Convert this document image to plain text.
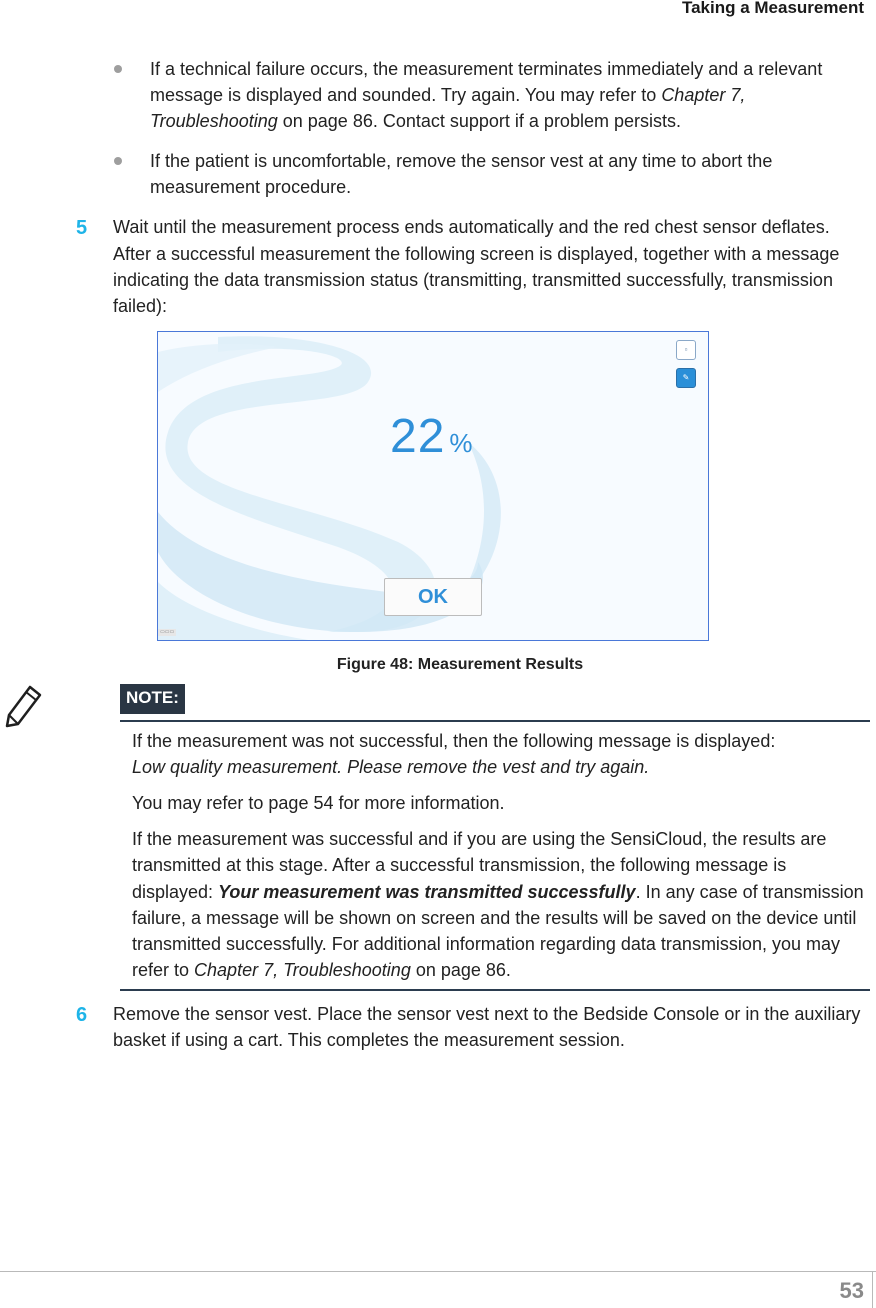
Taking a Measurement
If a technical failure occurs, the measurement terminates immediately and a relevant message is displayed and sounded. Try again. You may refer to Chapter 7, Troubleshooting on page 86. Contact support if a problem persists.
If the patient is uncomfortable, remove the sensor vest at any time to abort the measurement procedure.
5 Wait until the measurement process ends automatically and the red chest sensor deflates. After a successful measurement the following screen is displayed, together with a message indicating the data transmission status (transmitting, transmitted successfully, transmission failed):
▫
✎
22 %
OK
▭▭▭
Figure 48: Measurement Results
NOTE:

If the measurement was not successful, then the following message is displayed:
Low quality measurement. Please remove the vest and try again.

You may refer to page 54 for more information.

If the measurement was successful and if you are using the SensiCloud, the results are transmitted at this stage. After a successful transmission, the following message is displayed: Your measurement was transmitted successfully. In any case of transmission failure, a message will be shown on screen and the results will be saved on the device until transmitted successfully. For additional information regarding data transmission, you may refer to Chapter 7, Troubleshooting on page 86.

6 Remove the sensor vest. Place the sensor vest next to the Bedside Console or in the auxiliary basket if using a cart. This completes the measurement session.
53
